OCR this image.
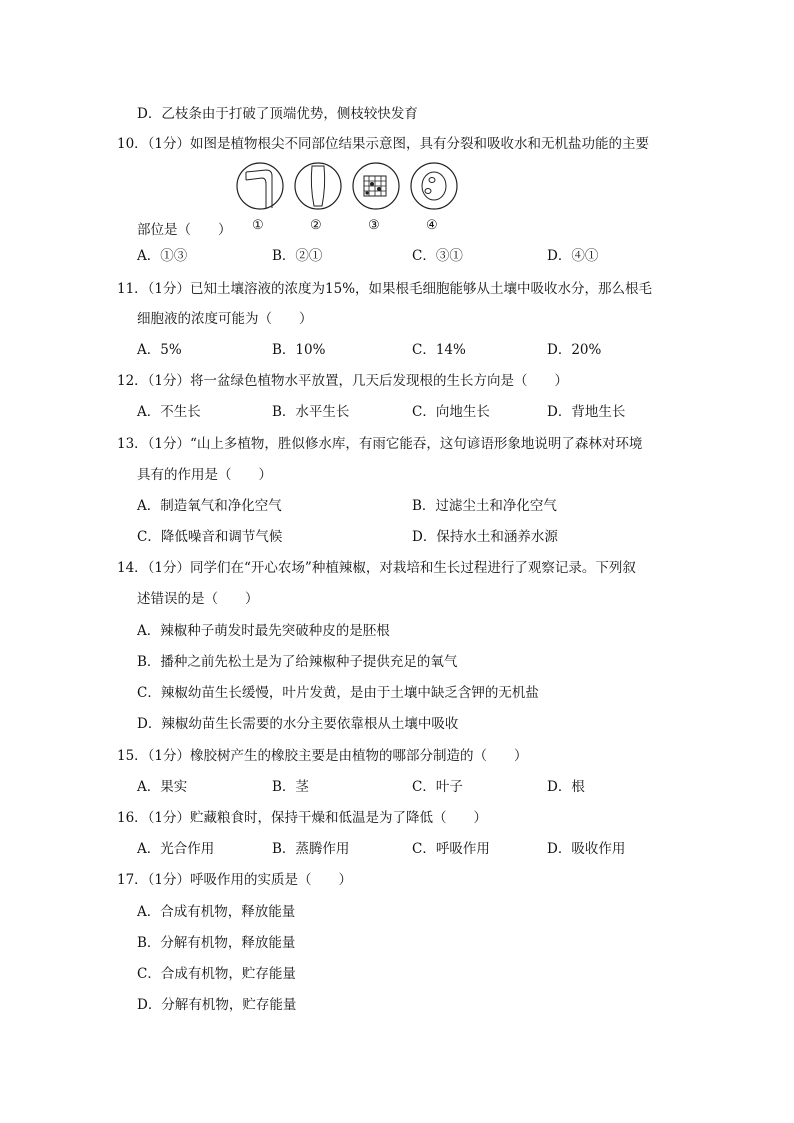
D．乙枝条由于打破了顶端优势，侧枝较快发育
10．（1分）如图是植物根尖不同部位结果示意图，具有分裂和吸收水和无机盐功能的主要
①	②	③	④
部位是（　　）
A．①③	B．②①	C．③①	D．④①
11．（1分）已知土壤溶液的浓度为15%，如果根毛细胞能够从土壤中吸收水分，那么根毛
细胞液的浓度可能为（　　）
A．5%	B．10%	C．14%	D．20%
12．（1分）将一盆绿色植物水平放置，几天后发现根的生长方向是（　　）
A．不生长	B．水平生长	C．向地生长	D．背地生长
13．（1分）“山上多植物，胜似修水库，有雨它能吞，这句谚语形象地说明了森林对环境
具有的作用是（　　）
A．制造氧气和净化空气	B．过滤尘土和净化空气
C．降低噪音和调节气候	D．保持水土和涵养水源
14．（1分）同学们在“开心农场”种植辣椒，对栽培和生长过程进行了观察记录。下列叙
述错误的是（　　）
A．辣椒种子萌发时最先突破种皮的是胚根
B．播种之前先松土是为了给辣椒种子提供充足的氧气
C．辣椒幼苗生长缓慢，叶片发黄，是由于土壤中缺乏含钾的无机盐
D．辣椒幼苗生长需要的水分主要依靠根从土壤中吸收
15．（1分）橡胶树产生的橡胶主要是由植物的哪部分制造的（　　）
A．果实	B．茎	C．叶子	D．根
16．（1分）贮藏粮食时，保持干燥和低温是为了降低（　　）
A．光合作用	B．蒸腾作用	C．呼吸作用	D．吸收作用
17．（1分）呼吸作用的实质是（　　）
A．合成有机物，释放能量
B．分解有机物，释放能量
C．合成有机物，贮存能量
D．分解有机物，贮存能量
